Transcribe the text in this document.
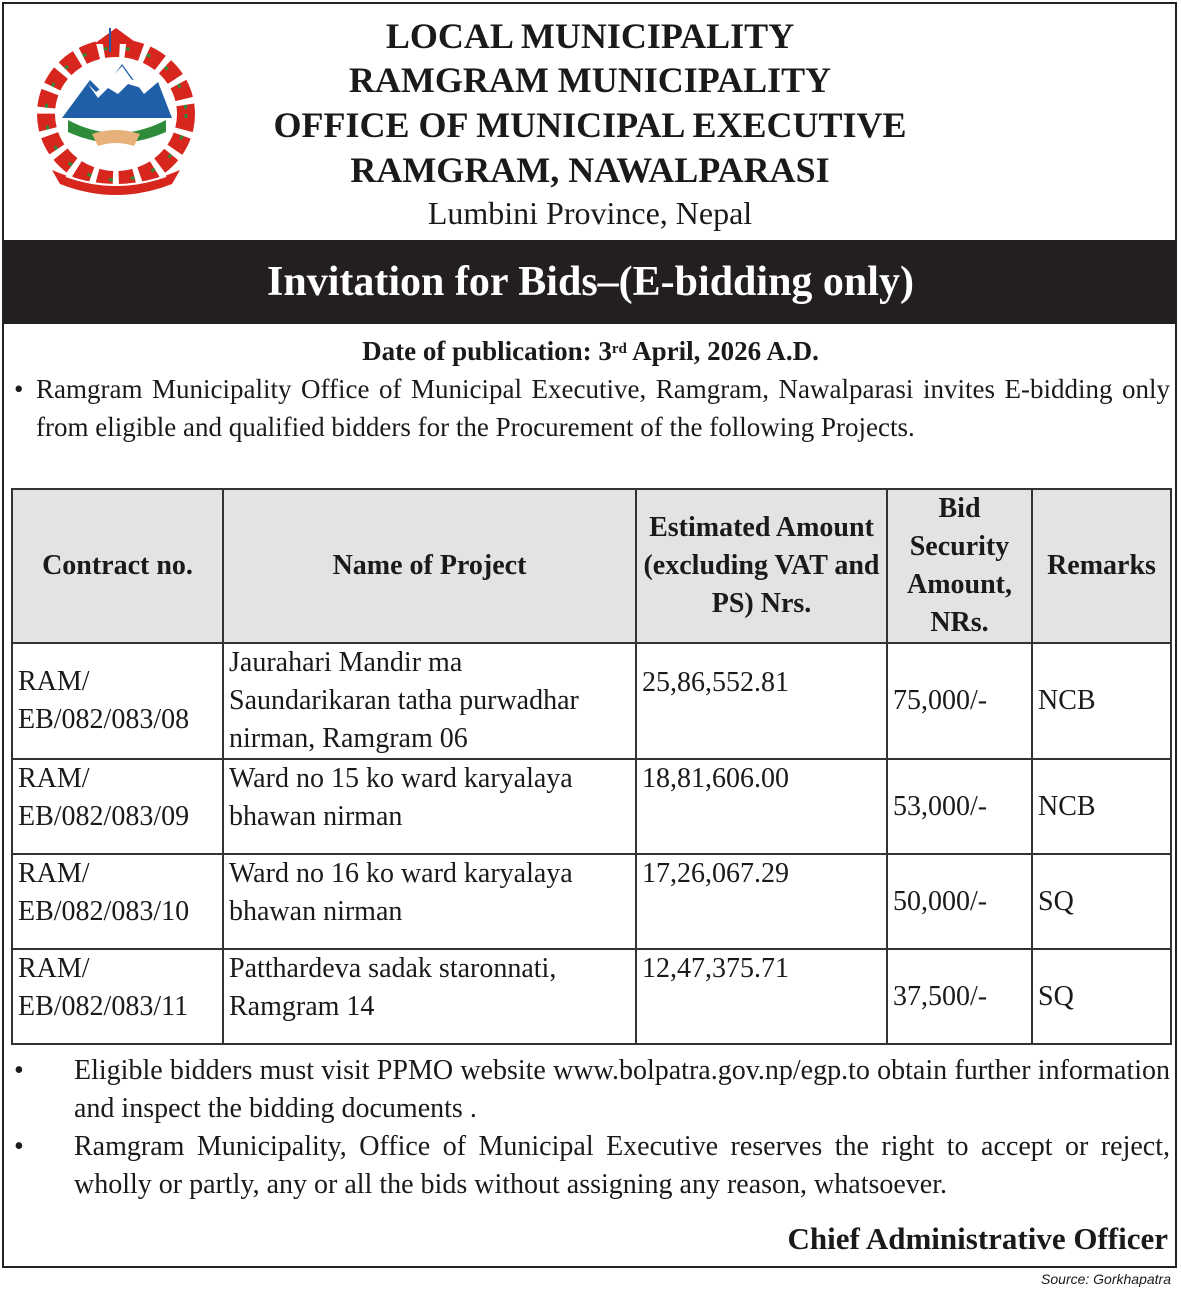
LOCAL MUNICIPALITY
RAMGRAM MUNICIPALITY
OFFICE OF MUNICIPAL EXECUTIVE
RAMGRAM, NAWALPARASI
Lumbini Province, Nepal
Invitation for Bids–(E-bidding only)
Date of publication: 3rd April, 2026 A.D.
• Ramgram Municipality Office of Municipal Executive, Ramgram, Nawalparasi invites E-bidding only from eligible and qualified bidders for the Procurement of the following Projects.
Contract no.	Name of Project	Estimated Amount (excluding VAT and PS) Nrs.	Bid Security Amount, NRs.	Remarks
RAM/ EB/082/083/08	Jaurahari Mandir ma Saundarikaran tatha purwadhar nirman, Ramgram 06	25,86,552.81	75,000/-	NCB
RAM/ EB/082/083/09	Ward no 15 ko ward karyalaya bhawan nirman	18,81,606.00	53,000/-	NCB
RAM/ EB/082/083/10	Ward no 16 ko ward karyalaya bhawan nirman	17,26,067.29	50,000/-	SQ
RAM/ EB/082/083/11	Patthardeva sadak staronnati, Ramgram 14	12,47,375.71	37,500/-	SQ
• Eligible bidders must visit PPMO website www.bolpatra.gov.np/egp.to obtain further information and inspect the bidding documents .
• Ramgram Municipality, Office of Municipal Executive reserves the right to accept or reject, wholly or partly, any or all the bids without assigning any reason, whatsoever.
Chief Administrative Officer
Source: Gorkhapatra
